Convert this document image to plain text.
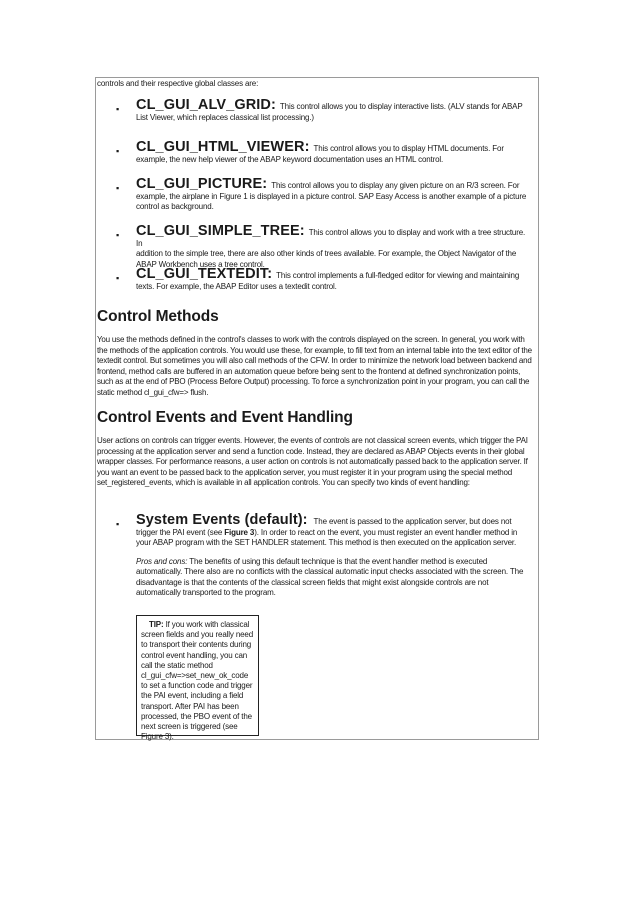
controls and their respective global classes are:
▪ CL_GUI_ALV_GRID: This control allows you to display interactive lists. (ALV stands for ABAP
List Viewer, which replaces classical list processing.)
▪ CL_GUI_HTML_VIEWER: This control allows you to display HTML documents. For
example, the new help viewer of the ABAP keyword documentation uses an HTML control.
▪ CL_GUI_PICTURE: This control allows you to display any given picture on an R/3 screen. For
example, the airplane in Figure 1 is displayed in a picture control. SAP Easy Access is another example of a picture control as background.
▪ CL_GUI_SIMPLE_TREE: This control allows you to display and work with a tree structure. In
addition to the simple tree, there are also other kinds of trees available. For example, the Object Navigator of the ABAP Workbench uses a tree control.
▪ CL_GUI_TEXTEDIT: This control implements a full-fledged editor for viewing and maintaining
texts. For example, the ABAP Editor uses a textedit control.
Control Methods
You use the methods defined in the control's classes to work with the controls displayed on the screen. In general, you work with the methods of the application controls. You would use these, for example, to fill text from an internal table into the text editor of the textedit control. But sometimes you will also call methods of the CFW. In order to minimize the network load between backend and frontend, method calls are buffered in an automation queue before being sent to the frontend at defined synchronization points, such as at the end of PBO (Process Before Output) processing. To force a synchronization point in your program, you can call the static method cl_gui_cfw=> flush.
Control Events and Event Handling
User actions on controls can trigger events. However, the events of controls are not classical screen events, which trigger the PAI processing at the application server and send a function code. Instead, they are declared as ABAP Objects events in their global wrapper classes. For performance reasons, a user action on controls is not automatically passed back to the application server. If you want an event to be passed back to the application server, you must register it in your program using the special method set_registered_events, which is available in all application controls. You can specify two kinds of event handling:
▪ System Events (default): The event is passed to the application server, but does not
trigger the PAI event (see Figure 3). In order to react on the event, you must register an event handler method in your ABAP program with the SET HANDLER statement. This method is then executed on the application server.
Pros and cons: The benefits of using this default technique is that the event handler method is executed automatically. There also are no conflicts with the classical automatic input checks associated with the screen. The disadvantage is that the contents of the classical screen fields that might exist alongside controls are not automatically transported to the program.
TIP: If you work with classical screen fields and you really need to transport their contents during control event handling, you can call the static method cl_gui_cfw=>set_new_ok_code to set a function code and trigger the PAI event, including a field transport. After PAI has been processed, the PBO event of the next screen is triggered (see Figure 3).
